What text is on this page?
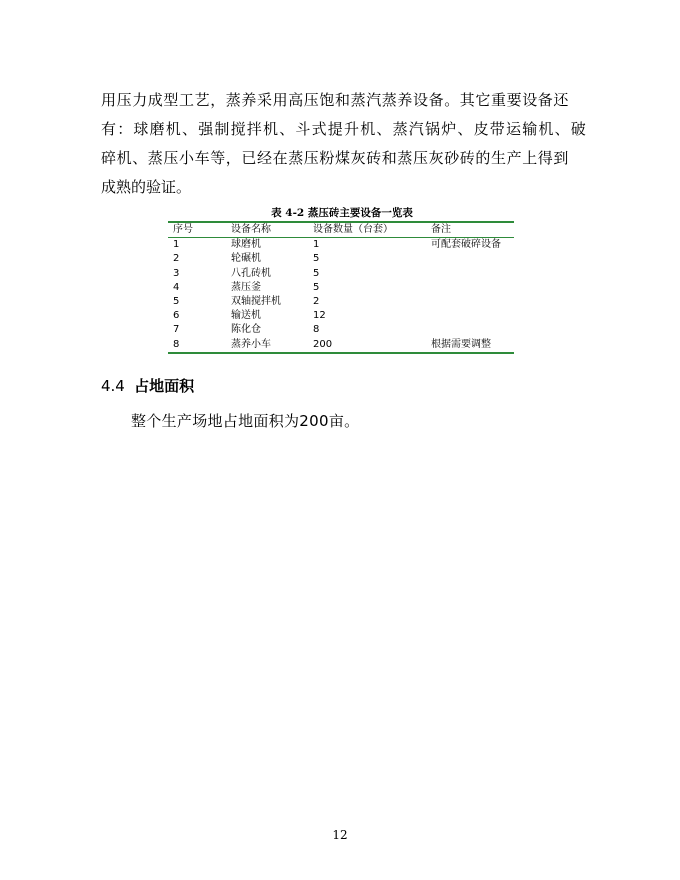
用压力成型工艺，蒸养采用高压饱和蒸汽蒸养设备。其它重要设备还
有：球磨机、强制搅拌机、斗式提升机、蒸汽锅炉、皮带运输机、破
碎机、蒸压小车等，已经在蒸压粉煤灰砖和蒸压灰砂砖的生产上得到
成熟的验证。
表 4-2 蒸压砖主要设备一览表
序号	设备名称	设备数量（台套）	备注
1	球磨机	1	可配套破碎设备
2	轮碾机	5	
3	八孔砖机	5	
4	蒸压釜	5	
5	双轴搅拌机	2	
6	输送机	12	
7	陈化仓	8	
8	蒸养小车	200	根据需要调整
4.4 占地面积
整个生产场地占地面积为200亩。
12
